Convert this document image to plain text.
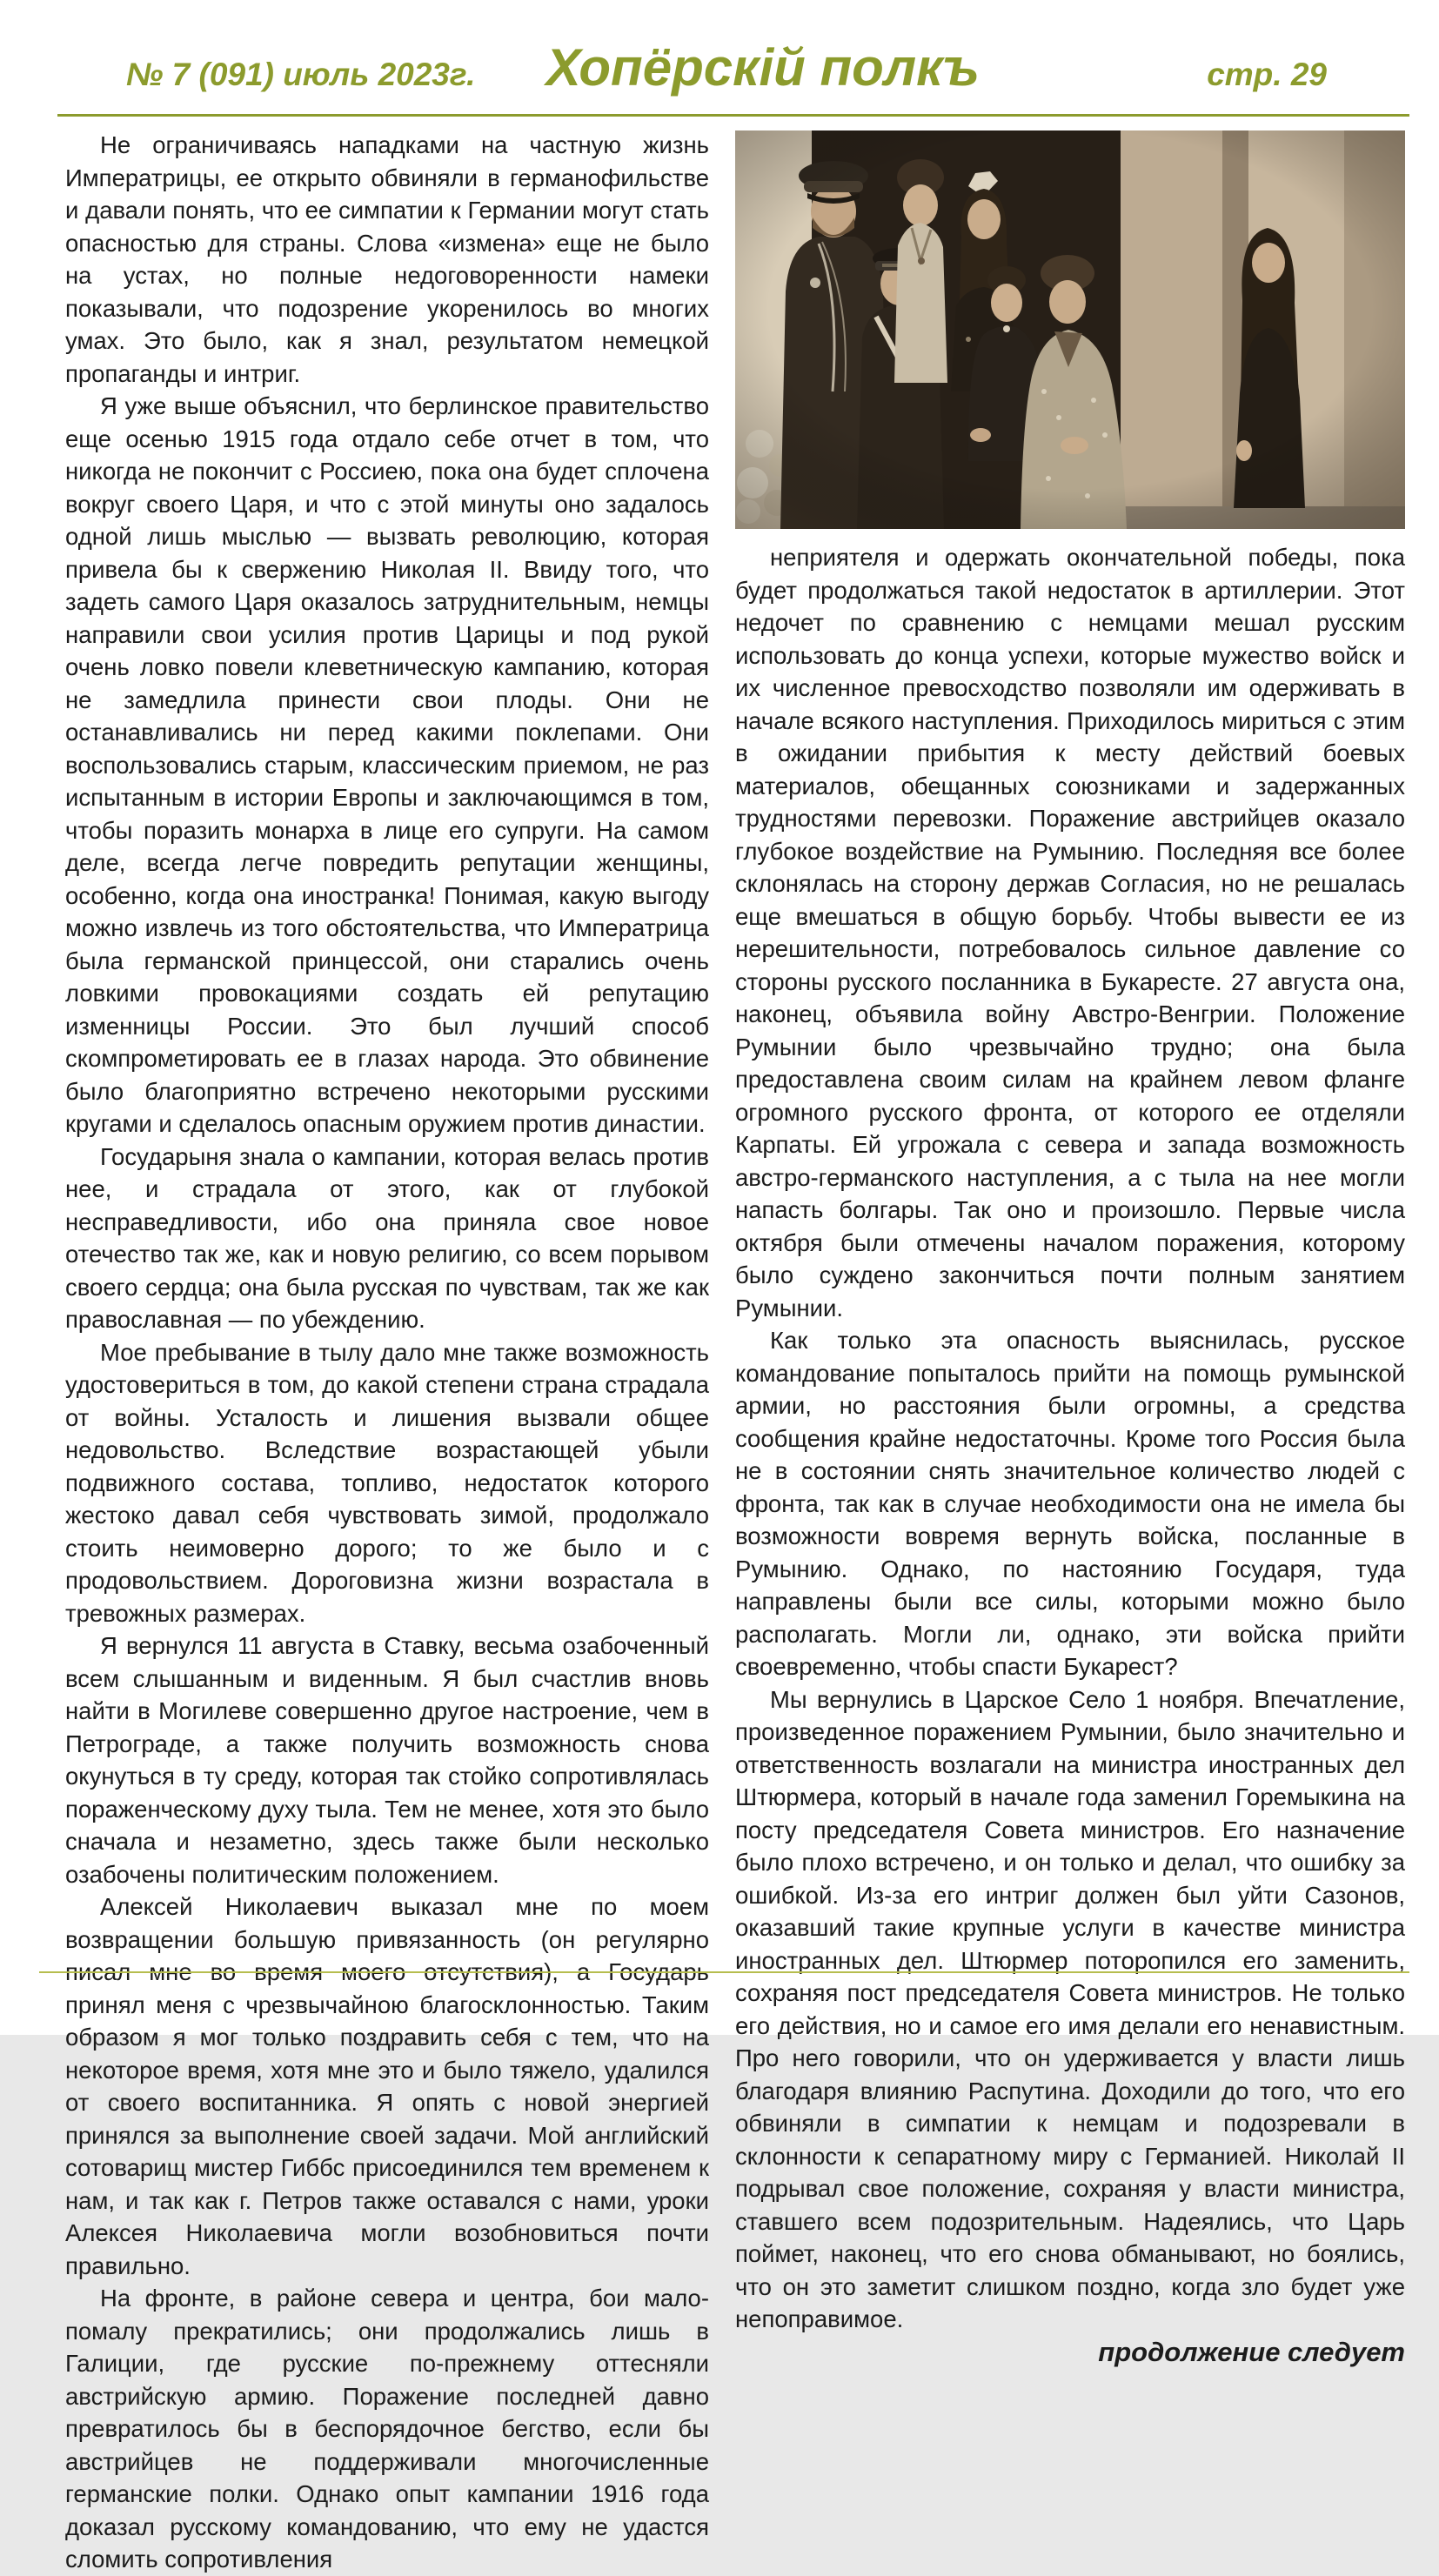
№ 7 (091) июль 2023г. Хопёрскій полкъ	стр. 29

Не ограничиваясь нападками на частную жизнь Императрицы, ее открыто обвиняли в германофильстве и давали понять, что ее симпатии к Германии могут стать опасностью для страны. Слова «измена» еще не было на устах, но полные недоговоренности намеки показывали, что подозрение укоренилось во многих умах. Это было, как я знал, результатом немецкой пропаганды и интриг.

Я уже выше объяснил, что берлинское правительство еще осенью 1915 года отдало себе отчет в том, что никогда не покончит с Россиею, пока она будет сплочена вокруг своего Царя, и что с этой минуты оно задалось одной лишь мыслью — вызвать революцию, которая привела бы к свержению Николая II. Ввиду того, что задеть самого Царя оказалось затруднительным, немцы направили свои усилия против Царицы и под рукой очень ловко повели клеветническую кампанию, которая не замедлила принести свои плоды. Они не останавливались ни перед какими поклепами. Они воспользовались старым, классическим приемом, не раз испытанным в истории Европы и заключающимся в том, чтобы поразить монарха в лице его супруги. На самом деле, всегда легче повредить репутации женщины, особенно, когда она иностранка! Понимая, какую выгоду можно извлечь из того обстоятельства, что Императрица была германской принцессой, они старались очень ловкими провокациями создать ей репутацию изменницы России. Это был лучший способ скомпрометировать ее в глазах народа. Это обвинение было благоприятно встречено некоторыми русскими кругами и сделалось опасным оружием против династии.

Государыня знала о кампании, которая велась против нее, и страдала от этого, как от глубокой несправедливости, ибо она приняла свое новое отечество так же, как и новую религию, со всем порывом своего сердца; она была русская по чувствам, так же как православная — по убеждению.

Мое пребывание в тылу дало мне также возможность удостовериться в том, до какой степени страна страдала от войны. Усталость и лишения вызвали общее недовольство. Вследствие возрастающей убыли подвижного состава, топливо, недостаток которого жестоко давал себя чувствовать зимой, продолжало стоить неимоверно дорого; то же было и с продовольствием. Дороговизна жизни возрастала в тревожных размерах.

Я вернулся 11 августа в Ставку, весьма озабоченный всем слышанным и виденным. Я был счастлив вновь найти в Могилеве совершенно другое настроение, чем в Петрограде, а также получить возможность снова окунуться в ту среду, которая так стойко сопротивлялась пораженческому духу тыла. Тем не менее, хотя это было сначала и незаметно, здесь также были несколько озабочены политическим положением.

Алексей Николаевич выказал мне по моем возвращении большую привязанность (он регулярно писал мне во время моего отсутствия), а Государь принял меня с чрезвычайною благосклонностью. Таким образом я мог только поздравить себя с тем, что на некоторое время, хотя мне это и было тяжело, удалился от своего воспитанника. Я опять с новой энергией принялся за выполнение своей задачи. Мой английский сотоварищ мистер Гиббс присоединился тем временем к нам, и так как г. Петров также оставался с нами, уроки Алексея Николаевича могли возобновиться почти правильно.

На фронте, в районе севера и центра, бои мало-помалу прекратились; они продолжались лишь в Галиции, где русские по-прежнему оттесняли австрийскую армию. Поражение последней давно превратилось бы в беспорядочное бегство, если бы австрийцев не поддерживали многочисленные германские полки. Однако опыт кампании 1916 года доказал русскому командованию, что ему не удастся сломить сопротивления

неприятеля и одержать окончательной победы, пока будет продолжаться такой недостаток в артиллерии. Этот недочет по сравнению с немцами мешал русским использовать до конца успехи, которые мужество войск и их численное превосходство позволяли им одерживать в начале всякого наступления. Приходилось мириться с этим в ожидании прибытия к месту действий боевых материалов, обещанных союзниками и задержанных трудностями перевозки. Поражение австрийцев оказало глубокое воздействие на Румынию. Последняя все более склонялась на сторону держав Согласия, но не решалась еще вмешаться в общую борьбу. Чтобы вывести ее из нерешительности, потребовалось сильное давление со стороны русского посланника в Букаресте. 27 августа она, наконец, объявила войну Австро-Венгрии. Положение Румынии было чрезвычайно трудно; она была предоставлена своим силам на крайнем левом фланге огромного русского фронта, от которого ее отделяли Карпаты. Ей угрожала с севера и запада возможность австро-германского наступления, а с тыла на нее могли напасть болгары. Так оно и произошло. Первые числа октября были отмечены началом поражения, которому было суждено закончиться почти полным занятием Румынии.

Как только эта опасность выяснилась, русское командование попыталось прийти на помощь румынской армии, но расстояния были огромны, а средства сообщения крайне недостаточны. Кроме того Россия была не в состоянии снять значительное количество людей с фронта, так как в случае необходимости она не имела бы возможности вовремя вернуть войска, посланные в Румынию. Однако, по настоянию Государя, туда направлены были все силы, которыми можно было располагать. Могли ли, однако, эти войска прийти своевременно, чтобы спасти Букарест?

Мы вернулись в Царское Село 1 ноября. Впечатление, произведенное поражением Румынии, было значительно и ответственность возлагали на министра иностранных дел Штюрмера, который в начале года заменил Горемыкина на посту председателя Совета министров. Его назначение было плохо встречено, и он только и делал, что ошибку за ошибкой. Из-за его интриг должен был уйти Сазонов, оказавший такие крупные услуги в качестве министра иностранных дел. Штюрмер поторопился его заменить, сохраняя пост председателя Совета министров. Не только его действия, но и самое его имя делали его ненавистным. Про него говорили, что он удерживается у власти лишь благодаря влиянию Распутина. Доходили до того, что его обвиняли в симпатии к немцам и подозревали в склонности к сепаратному миру с Германией. Николай II подрывал свое положение, сохраняя у власти министра, ставшего всем подозрительным. Надеялись, что Царь поймет, наконец, что его снова обманывают, но боялись, что он это заметит слишком поздно, когда зло будет уже непоправимое.

продолжение следует
